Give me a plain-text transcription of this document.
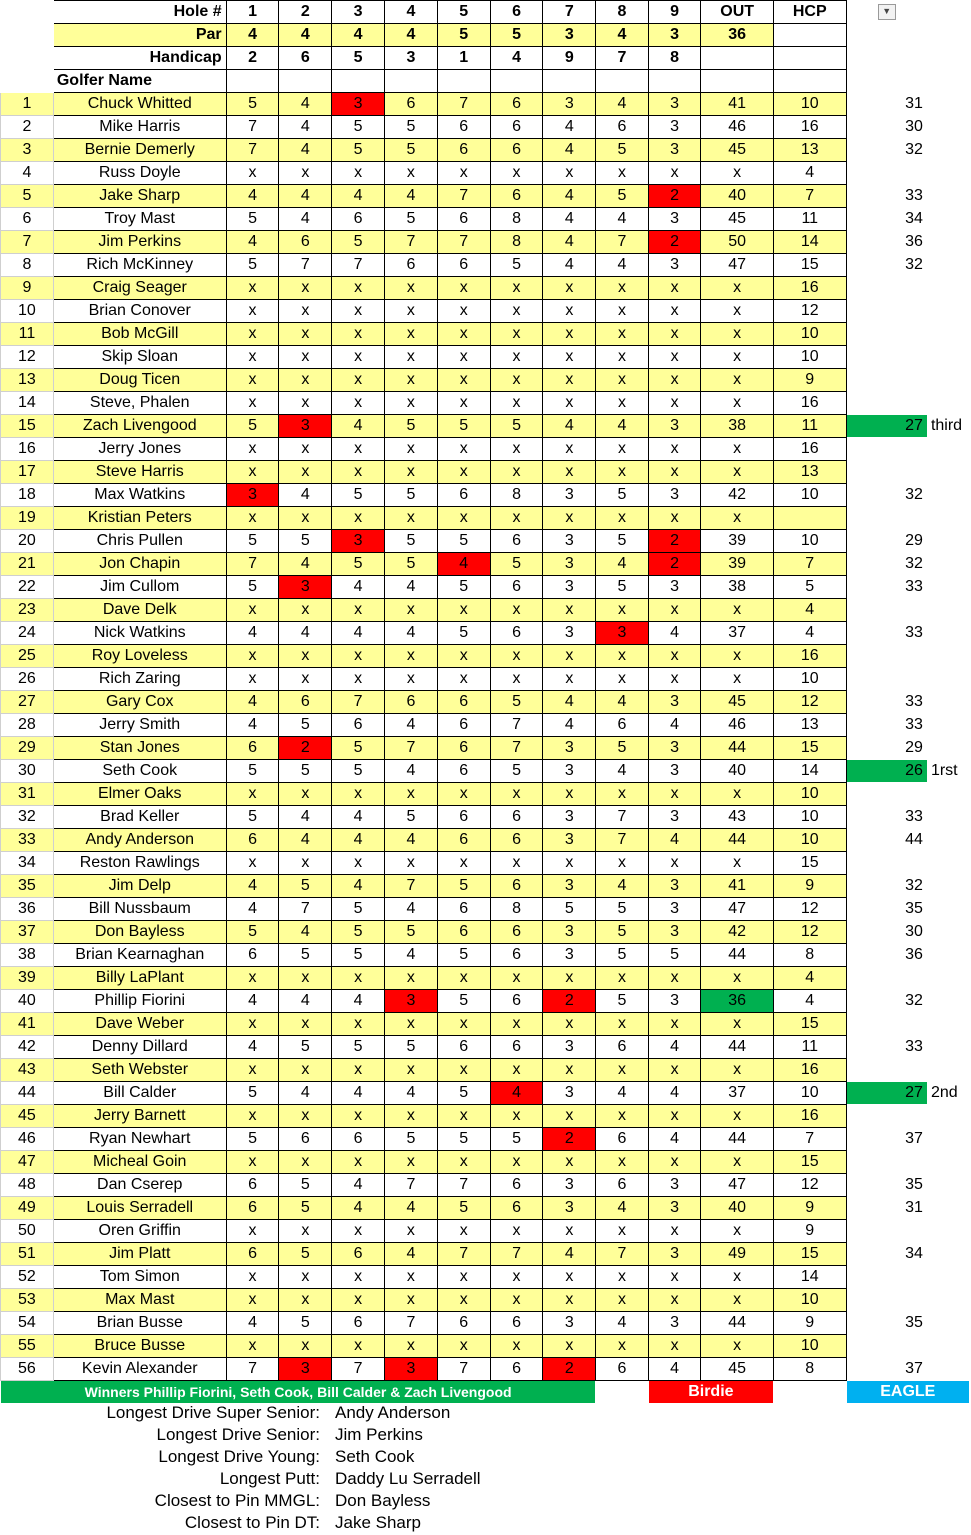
	Hole #	1	2	3	4	5	6	7	8	9	OUT	HCP	▼		
	Par	4	4	4	4	5	5	3	4	3	36				
	Handicap	2	6	5	3	1	4	9	7	8					
	Golfer Name														
1	Chuck Whitted	5	4	3	6	7	6	3	4	3	41	10	31		
2	Mike Harris	7	4	5	5	6	6	4	6	3	46	16	30		
3	Bernie Demerly	7	4	5	5	6	6	4	5	3	45	13	32		
4	Russ Doyle	x	x	x	x	x	x	x	x	x	x	4			
5	Jake Sharp	4	4	4	4	7	6	4	5	2	40	7	33		
6	Troy Mast	5	4	6	5	6	8	4	4	3	45	11	34		
7	Jim Perkins	4	6	5	7	7	8	4	7	2	50	14	36		
8	Rich McKinney	5	7	7	6	6	5	4	4	3	47	15	32		
9	Craig Seager	x	x	x	x	x	x	x	x	x	x	16			
10	Brian Conover	x	x	x	x	x	x	x	x	x	x	12			
11	Bob McGill	x	x	x	x	x	x	x	x	x	x	10			
12	Skip Sloan	x	x	x	x	x	x	x	x	x	x	10			
13	Doug Ticen	x	x	x	x	x	x	x	x	x	x	9			
14	Steve, Phalen	x	x	x	x	x	x	x	x	x	x	16			
15	Zach Livengood	5	3	4	5	5	5	4	4	3	38	11	27	third	
16	Jerry Jones	x	x	x	x	x	x	x	x	x	x	16			
17	Steve Harris	x	x	x	x	x	x	x	x	x	x	13			
18	Max Watkins	3	4	5	5	6	8	3	5	3	42	10	32		
19	Kristian Peters	x	x	x	x	x	x	x	x	x	x				
20	Chris Pullen	5	5	3	5	5	6	3	5	2	39	10	29		
21	Jon Chapin	7	4	5	5	4	5	3	4	2	39	7	32		
22	Jim Cullom	5	3	4	4	5	6	3	5	3	38	5	33		
23	Dave Delk	x	x	x	x	x	x	x	x	x	x	4			
24	Nick Watkins	4	4	4	4	5	6	3	3	4	37	4	33		
25	Roy Loveless	x	x	x	x	x	x	x	x	x	x	16			
26	Rich Zaring	x	x	x	x	x	x	x	x	x	x	10			
27	Gary Cox	4	6	7	6	6	5	4	4	3	45	12	33		
28	Jerry Smith	4	5	6	4	6	7	4	6	4	46	13	33		
29	Stan Jones	6	2	5	7	6	7	3	5	3	44	15	29		
30	Seth Cook	5	5	5	4	6	5	3	4	3	40	14	26	1rst	
31	Elmer Oaks	x	x	x	x	x	x	x	x	x	x	10			
32	Brad Keller	5	4	4	5	6	6	3	7	3	43	10	33		
33	Andy Anderson	6	4	4	4	6	6	3	7	4	44	10	44		
34	Reston Rawlings	x	x	x	x	x	x	x	x	x	x	15			
35	Jim Delp	4	5	4	7	5	6	3	4	3	41	9	32		
36	Bill Nussbaum	4	7	5	4	6	8	5	5	3	47	12	35		
37	Don Bayless	5	4	5	5	6	6	3	5	3	42	12	30		
38	Brian Kearnaghan	6	5	5	4	5	6	3	5	5	44	8	36		
39	Billy LaPlant	x	x	x	x	x	x	x	x	x	x	4			
40	Phillip Fiorini	4	4	4	3	5	6	2	5	3	36	4	32		
41	Dave Weber	x	x	x	x	x	x	x	x	x	x	15			
42	Denny Dillard	4	5	5	5	6	6	3	6	4	44	11	33		
43	Seth Webster	x	x	x	x	x	x	x	x	x	x	16			
44	Bill Calder	5	4	4	4	5	4	3	4	4	37	10	27	2nd	
45	Jerry Barnett	x	x	x	x	x	x	x	x	x	x	16			
46	Ryan Newhart	5	6	6	5	5	5	2	6	4	44	7	37		
47	Micheal Goin	x	x	x	x	x	x	x	x	x	x	15			
48	Dan Cserep	6	5	4	7	7	6	3	6	3	47	12	35		
49	Louis Serradell	6	5	4	4	5	6	3	4	3	40	9	31		
50	Oren Griffin	x	x	x	x	x	x	x	x	x	x	9			
51	Jim Platt	6	5	6	4	7	7	4	7	3	49	15	34		
52	Tom Simon	x	x	x	x	x	x	x	x	x	x	14			
53	Max Mast	x	x	x	x	x	x	x	x	x	x	10			
54	Brian Busse	4	5	6	7	6	6	3	4	3	44	9	35		
55	Bruce Busse	x	x	x	x	x	x	x	x	x	x	10			
56	Kevin Alexander	7	3	7	3	7	6	2	6	4	45	8	37		
Winners Phillip Fiorini, Seth Cook, Bill Calder & Zach Livengood										Birdie			EAGLE		
Longest Drive Super Senior: Andy Anderson
Longest Drive Senior: Jim Perkins
Longest Drive Young: Seth Cook
Longest Putt: Daddy Lu Serradell
Closest to Pin MMGL: Don Bayless
Closest to Pin DT: Jake Sharp
